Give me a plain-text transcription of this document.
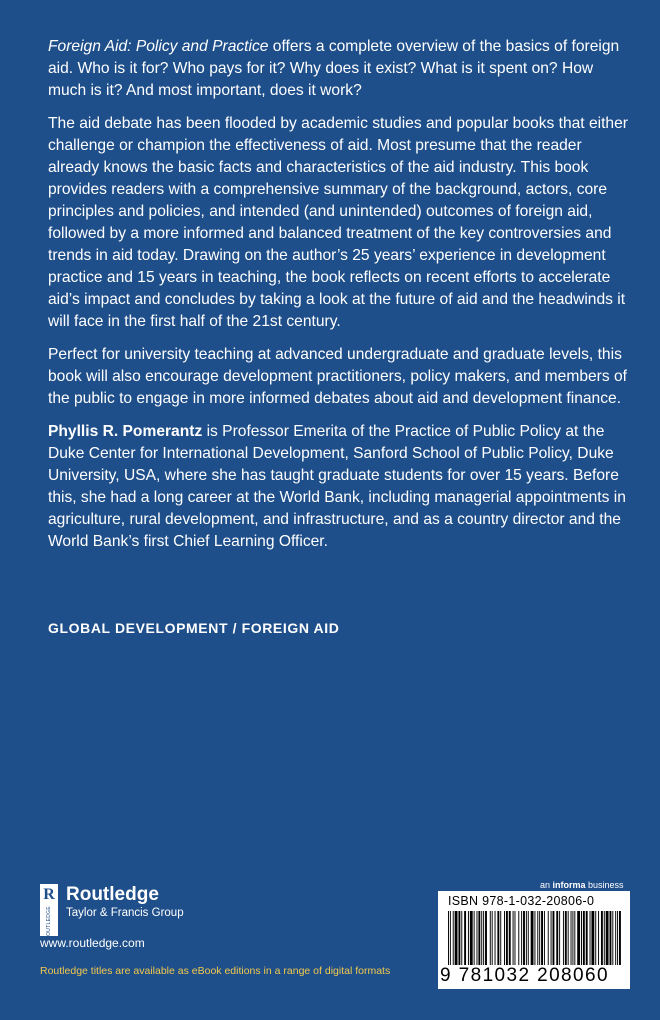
Foreign Aid: Policy and Practice offers a complete overview of the basics of foreign aid. Who is it for? Who pays for it? Why does it exist? What is it spent on? How much is it? And most important, does it work?

The aid debate has been flooded by academic studies and popular books that either challenge or champion the effectiveness of aid. Most presume that the reader already knows the basic facts and characteristics of the aid industry. This book provides readers with a comprehensive summary of the background, actors, core principles and policies, and intended (and unintended) outcomes of foreign aid, followed by a more informed and balanced treatment of the key controversies and trends in aid today. Drawing on the author’s 25 years’ experience in development practice and 15 years in teaching, the book reflects on recent efforts to accelerate aid’s impact and concludes by taking a look at the future of aid and the headwinds it will face in the first half of the 21st century.

Perfect for university teaching at advanced undergraduate and graduate levels, this book will also encourage development practitioners, policy makers, and members of the public to engage in more informed debates about aid and development finance.

Phyllis R. Pomerantz is Professor Emerita of the Practice of Public Policy at the Duke Center for International Development, Sanford School of Public Policy, Duke University, USA, where she has taught graduate students for over 15 years. Before this, she had a long career at the World Bank, including managerial appointments in agriculture, rural development, and infrastructure, and as a country director and the World Bank’s first Chief Learning Officer.

GLOBAL DEVELOPMENT / FOREIGN AID
R
ROUTLEDGE
Routledge
Taylor & Francis Group
www.routledge.com
Routledge titles are available as eBook editions in a range of digital formats
an informa business
ISBN 978-1-032-20806-0
9 781032 208060
